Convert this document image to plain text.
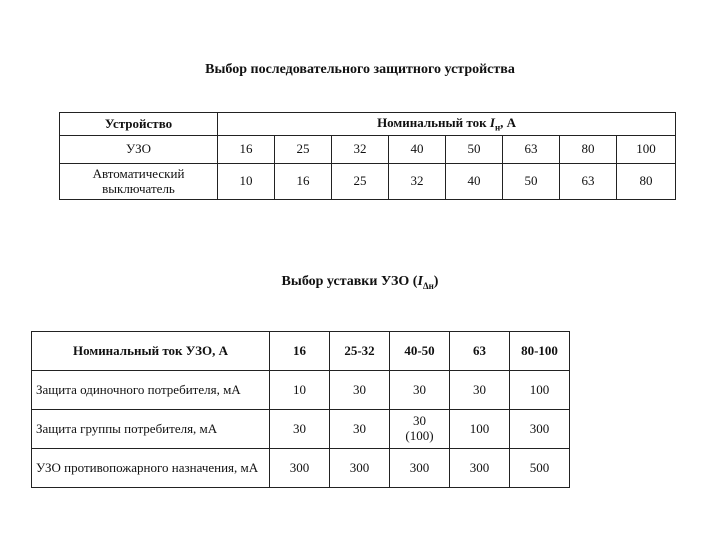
Выбор последовательного защитного устройства
Устройство	Номинальный ток $I_н$, А							
УЗО	16	25	32	40	50	63	80	100
Автоматический выключатель	10	16	25	32	40	50	63	80
Выбор уставки УЗО $(I_{\Delta н})$
Номинальный ток УЗО, А	16	25-32	40-50	63	80-100
Защита одиночного потребителя, мА	10	30	30	30	100
Защита группы потребителя, мА	30	30	30 (100)	100	300
УЗО противопожарного назначения, мА	300	300	300	300	500
